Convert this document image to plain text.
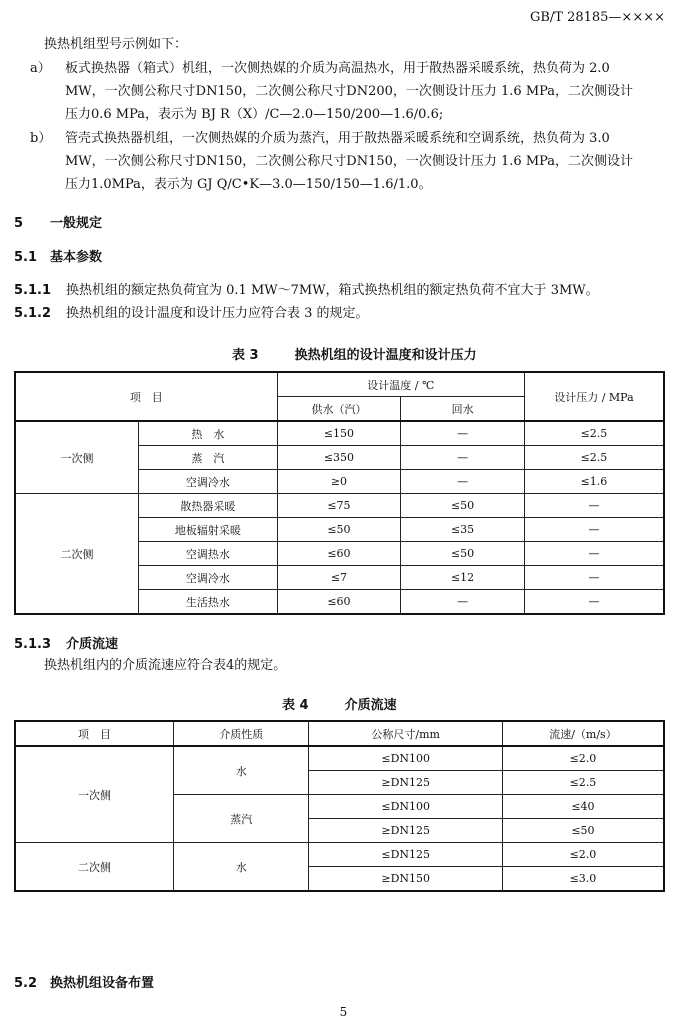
GB/T 28185—××××
换热机组型号示例如下：
a） 板式换热器（箱式）机组，一次侧热媒的介质为高温热水，用于散热器采暖系统，热负荷为 2.0
MW，一次侧公称尺寸DN150，二次侧公称尺寸DN200，一次侧设计压力 1.6 MPa，二次侧设计
压力0.6 MPa，表示为 BJ R（X）/C—2.0—150/200—1.6/0.6;
b） 管壳式换热器机组，一次侧热媒的介质为蒸汽，用于散热器采暖系统和空调系统，热负荷为 3.0
MW，一次侧公称尺寸DN150，二次侧公称尺寸DN150，一次侧设计压力 1.6 MPa，二次侧设计
压力1.0MPa，表示为 GJ Q/C•K—3.0—150/150—1.6/1.0。
5 一般规定
5.1 基本参数
5.1.1 换热机组的额定热负荷宜为 0.1 MW～7MW，箱式换热机组的额定热负荷不宜大于 3MW。
5.1.2 换热机组的设计温度和设计压力应符合表 3 的规定。
表 3	换热机组的设计温度和设计压力
项　目		设计温度 / ℃		设计压力 / MPa
		供水（汽）	回水	
一次侧	热　水	≤150	—	≤2.5
	蒸　汽	≤350	—	≤2.5
	空调冷水	≥0	—	≤1.6
二次侧	散热器采暖	≤75	≤50	—
	地板辐射采暖	≤50	≤35	—
	空调热水	≤60	≤50	—
	空调冷水	≤7	≤12	—
	生活热水	≤60	—	—
5.1.3 介质流速
换热机组内的介质流速应符合表4的规定。
表 4	介质流速
项　目	介质性质	公称尺寸/mm	流速/（m/s）
一次侧	水	≤DN100	≤2.0
		≥DN125	≤2.5
	蒸汽	≤DN100	≤40
		≥DN125	≤50
二次侧	水	≤DN125	≤2.0
		≥DN150	≤3.0
5.2 换热机组设备布置
5
